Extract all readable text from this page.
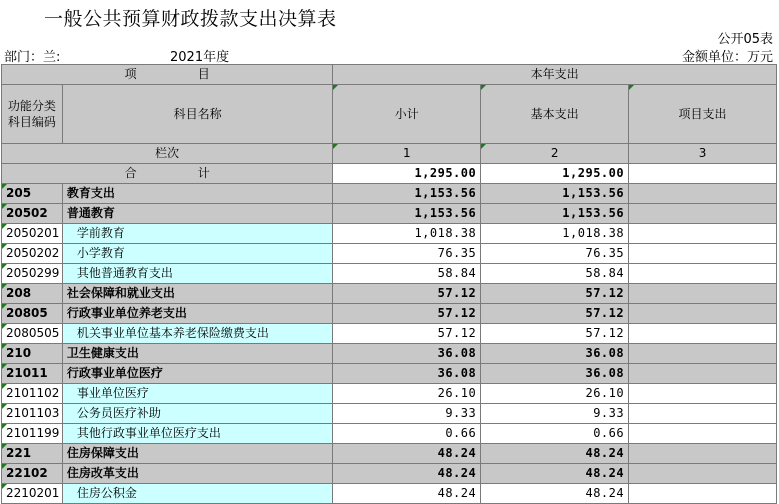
一般公共预算财政拨款支出决算表
公开05表
部门：兰:	2021年度	金额单位：万元
项                目		本年支出		
功能分类
科目编码	科目名称	小计	基本支出	项目支出
栏次		1	2	3
合                计		1,295.00	1,295.00	
205	教育支出	1,153.56	1,153.56	
20502	普通教育	1,153.56	1,153.56	
2050201	学前教育	1,018.38	1,018.38	
2050202	小学教育	76.35	76.35	
2050299	其他普通教育支出	58.84	58.84	
208	社会保障和就业支出	57.12	57.12	
20805	行政事业单位养老支出	57.12	57.12	
2080505	机关事业单位基本养老保险缴费支出	57.12	57.12	
210	卫生健康支出	36.08	36.08	
21011	行政事业单位医疗	36.08	36.08	
2101102	事业单位医疗	26.10	26.10	
2101103	公务员医疗补助	9.33	9.33	
2101199	其他行政事业单位医疗支出	0.66	0.66	
221	住房保障支出	48.24	48.24	
22102	住房改革支出	48.24	48.24	
2210201	住房公积金	48.24	48.24	
